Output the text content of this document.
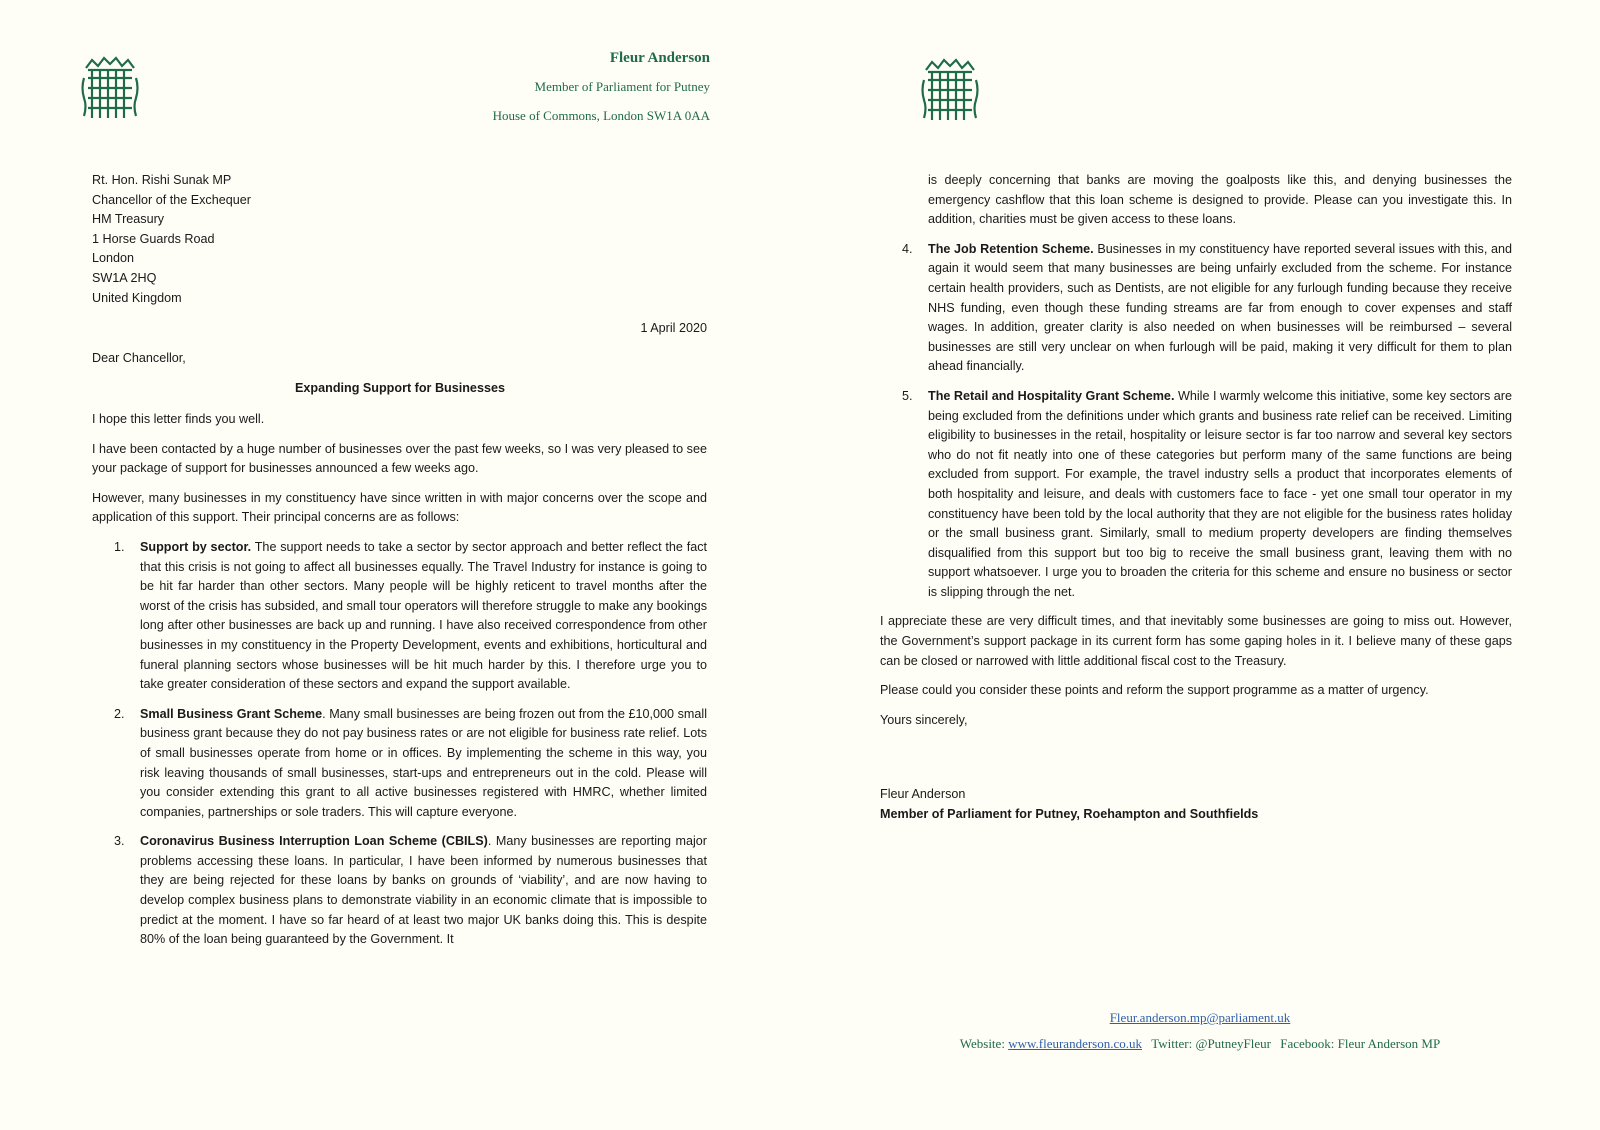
Fleur Anderson
Member of Parliament for Putney
House of Commons, London SW1A 0AA
Rt. Hon. Rishi Sunak MP
Chancellor of the Exchequer
HM Treasury
1 Horse Guards Road
London
SW1A 2HQ
United Kingdom
1 April 2020
Dear Chancellor,
Expanding Support for Businesses

I hope this letter finds you well.

I have been contacted by a huge number of businesses over the past few weeks, so I was very pleased to see your package of support for businesses announced a few weeks ago.

However, many businesses in my constituency have since written in with major concerns over the scope and application of this support. Their principal concerns are as follows:

1. Support by sector. The support needs to take a sector by sector approach and better reflect the fact that this crisis is not going to affect all businesses equally. The Travel Industry for instance is going to be hit far harder than other sectors. Many people will be highly reticent to travel months after the worst of the crisis has subsided, and small tour operators will therefore struggle to make any bookings long after other businesses are back up and running. I have also received correspondence from other businesses in my constituency in the Property Development, events and exhibitions, horticultural and funeral planning sectors whose businesses will be hit much harder by this. I therefore urge you to take greater consideration of these sectors and expand the support available.
2. Small Business Grant Scheme. Many small businesses are being frozen out from the £10,000 small business grant because they do not pay business rates or are not eligible for business rate relief. Lots of small businesses operate from home or in offices. By implementing the scheme in this way, you risk leaving thousands of small businesses, start-ups and entrepreneurs out in the cold. Please will you consider extending this grant to all active businesses registered with HMRC, whether limited companies, partnerships or sole traders. This will capture everyone.
3. Coronavirus Business Interruption Loan Scheme (CBILS). Many businesses are reporting major problems accessing these loans. In particular, I have been informed by numerous businesses that they are being rejected for these loans by banks on grounds of ‘viability’, and are now having to develop complex business plans to demonstrate viability in an economic climate that is impossible to predict at the moment. I have so far heard of at least two major UK banks doing this. This is despite 80% of the loan being guaranteed by the Government. It

is deeply concerning that banks are moving the goalposts like this, and denying businesses the emergency cashflow that this loan scheme is designed to provide. Please can you investigate this. In addition, charities must be given access to these loans.

4. The Job Retention Scheme. Businesses in my constituency have reported several issues with this, and again it would seem that many businesses are being unfairly excluded from the scheme. For instance certain health providers, such as Dentists, are not eligible for any furlough funding because they receive NHS funding, even though these funding streams are far from enough to cover expenses and staff wages. In addition, greater clarity is also needed on when businesses will be reimbursed – several businesses are still very unclear on when furlough will be paid, making it very difficult for them to plan ahead financially.
5. The Retail and Hospitality Grant Scheme. While I warmly welcome this initiative, some key sectors are being excluded from the definitions under which grants and business rate relief can be received. Limiting eligibility to businesses in the retail, hospitality or leisure sector is far too narrow and several key sectors who do not fit neatly into one of these categories but perform many of the same functions are being excluded from support. For example, the travel industry sells a product that incorporates elements of both hospitality and leisure, and deals with customers face to face - yet one small tour operator in my constituency have been told by the local authority that they are not eligible for the business rates holiday or the small business grant. Similarly, small to medium property developers are finding themselves disqualified from this support but too big to receive the small business grant, leaving them with no support whatsoever. I urge you to broaden the criteria for this scheme and ensure no business or sector is slipping through the net.

I appreciate these are very difficult times, and that inevitably some businesses are going to miss out. However, the Government’s support package in its current form has some gaping holes in it. I believe many of these gaps can be closed or narrowed with little additional fiscal cost to the Treasury.

Please could you consider these points and reform the support programme as a matter of urgency.

Yours sincerely,

Fleur Anderson
Member of Parliament for Putney, Roehampton and Southfields
Fleur.anderson.mp@parliament.uk
Website: www.fleuranderson.co.uk Twitter: @PutneyFleur Facebook: Fleur Anderson MP
